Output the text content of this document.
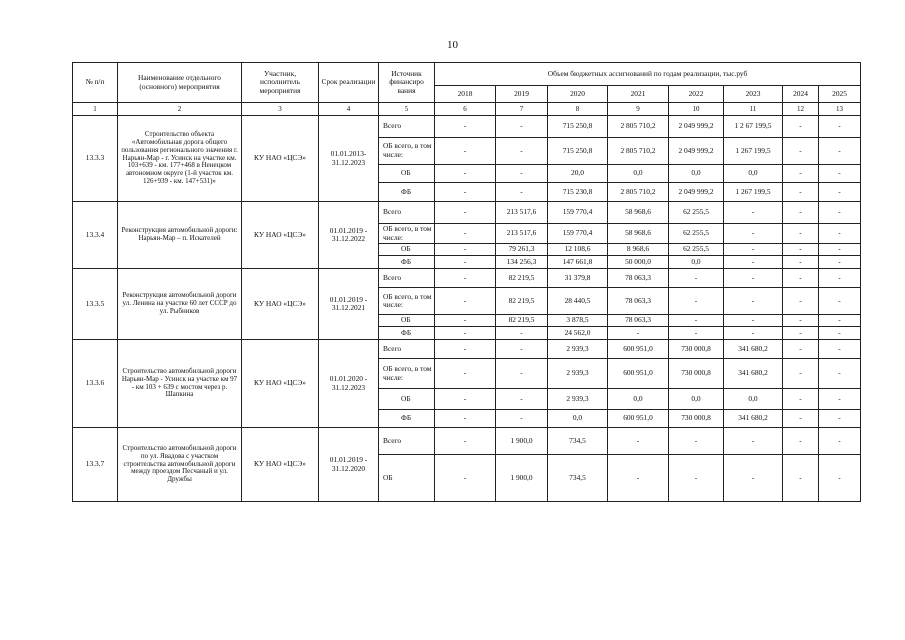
10
№ п/п	Наименование отдельного (основного) мероприятия	Участник, исполнитель мероприятия	Срок реализации	Источник финансиро вания	Объем бюджетных ассигнований по годам реализации, тыс.руб							
					2018	2019	2020	2021	2022	2023	2024	2025
1	2	3	4	5	6	7	8	9	10	11	12	13
13.3.3	Строительство объекта «Автомобильная дорога общего пользования регионального значения г. Нарьян-Мар - г. Усинск на участке км. 103+639 - км. 177+468 в Ненецком автономном округе (1-й участок км. 126+939 - км. 147+531)»	КУ НАО «ЦСЭ»	01.01.2013-31.12.2023	Всего	-	-	715 250,8	2 805 710,2	2 049 999,2	1 2 67 199,5	-	-
				ОБ всего, в том числе:	-	-	715 250,8	2 805 710,2	2 049 999,2	1 267 199,5	-	-
				ОБ	-	-	20,0	0,0	0,0	0,0	-	-
				ФБ	-	-	715 230,8	2 805 710,2	2 049 999,2	1 267 199,5	-	-
13.3.4	Реконструкция автомобильной дороги: Нарьян-Мар – п. Искателей	КУ НАО «ЦСЭ»	01.01.2019 - 31.12.2022	Всего	-	213 517,6	159 770,4	58 968,6	62 255,5	-	-	-
				ОБ всего, в том числе:	-	213 517,6	159 770,4	58 968,6	62 255,5	-	-	-
				ОБ	-	79 261,3	12 108,6	8 968,6	62 255,5	-	-	-
				ФБ	-	134 256,3	147 661,8	50 000,0	0,0	-	-	-
13.3.5	Реконструкция автомобильной дороги ул. Ленина на участке 60 лет СССР до ул. Рыбников	КУ НАО «ЦСЭ»	01.01.2019 - 31.12.2021	Всего	-	82 219,5	31 379,8	78 063,3	-	-	-	-
				ОБ всего, в том числе:	-	82 219,5	28 440,5	78 063,3	-	-	-	-
				ОБ	-	82 219,5	3 878,5	78 063,3	-	-	-	-
				ФБ	-	-	24 562,0	-	-	-	-	-
13.3.6	Строительство автомобильной дороги Нарьян-Мар - Усинск на участке км 97 - км 103 + 639 с мостом через р. Шапкина	КУ НАО «ЦСЭ»	01.01.2020 - 31.12.2023	Всего	-	-	2 939,3	600 951,0	730 000,8	341 680,2	-	-
				ОБ всего, в том числе:	-	-	2 939,3	600 951,0	730 000,8	341 680,2	-	-
				ОБ	-	-	2 939,3	0,0	0,0	0,0	-	-
				ФБ	-	-	0,0	600 951,0	730 000,8	341 680,2	-	-
13.3.7	Строительство автомобильной дороги по ул. Явадова с участком строительства автомобильной дороги между проездом Песчаный и ул. Дружбы	КУ НАО «ЦСЭ»	01.01.2019 - 31.12.2020	Всего	-	1 900,0	734,5	-	-	-	-	-
				ОБ	-	1 900,0	734,5	-	-	-	-	-
